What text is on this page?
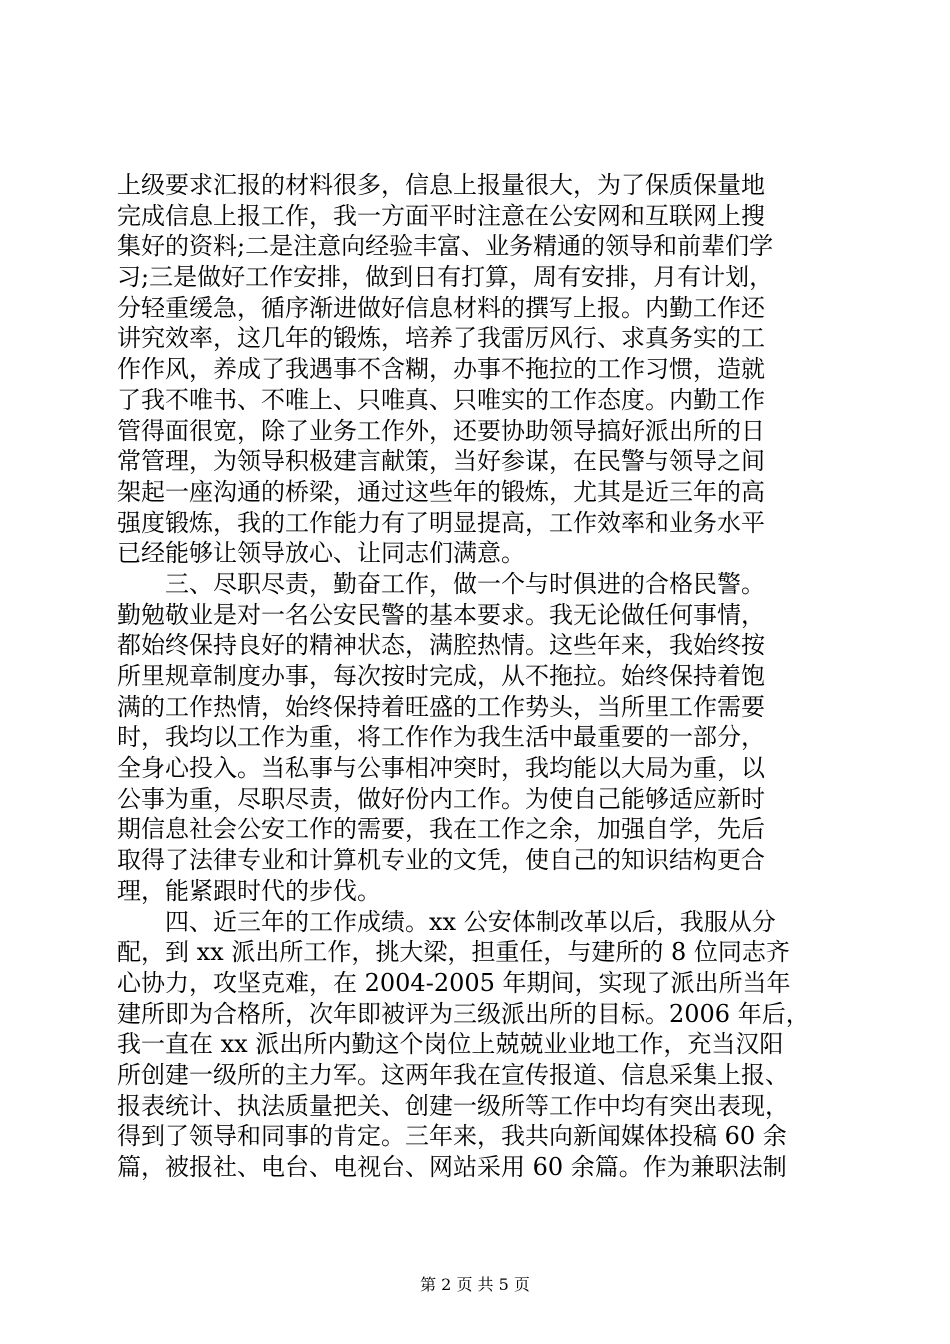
上级要求汇报的材料很多，信息上报量很大，为了保质保量地
完成信息上报工作，我一方面平时注意在公安网和互联网上搜
集好的资料;二是注意向经验丰富、业务精通的领导和前辈们学
习;三是做好工作安排，做到日有打算，周有安排，月有计划，
分轻重缓急，循序渐进做好信息材料的撰写上报。内勤工作还
讲究效率，这几年的锻炼，培养了我雷厉风行、求真务实的工
作作风，养成了我遇事不含糊，办事不拖拉的工作习惯，造就
了我不唯书、不唯上、只唯真、只唯实的工作态度。内勤工作
管得面很宽，除了业务工作外，还要协助领导搞好派出所的日
常管理，为领导积极建言献策，当好参谋，在民警与领导之间
架起一座沟通的桥梁，通过这些年的锻炼，尤其是近三年的高
强度锻炼，我的工作能力有了明显提高，工作效率和业务水平
已经能够让领导放心、让同志们满意。
　　三、尽职尽责，勤奋工作，做一个与时俱进的合格民警。
勤勉敬业是对一名公安民警的基本要求。我无论做任何事情，
都始终保持良好的精神状态，满腔热情。这些年来，我始终按
所里规章制度办事，每次按时完成，从不拖拉。始终保持着饱
满的工作热情，始终保持着旺盛的工作势头，当所里工作需要
时，我均以工作为重，将工作作为我生活中最重要的一部分，
全身心投入。当私事与公事相冲突时，我均能以大局为重，以
公事为重，尽职尽责，做好份内工作。为使自己能够适应新时
期信息社会公安工作的需要，我在工作之余，加强自学，先后
取得了法律专业和计算机专业的文凭，使自己的知识结构更合
理，能紧跟时代的步伐。
　　四、近三年的工作成绩。xx 公安体制改革以后，我服从分
配，到 xx 派出所工作，挑大梁，担重任，与建所的 8 位同志齐
心协力，攻坚克难，在 2004-2005 年期间，实现了派出所当年
建所即为合格所，次年即被评为三级派出所的目标。2006 年后，
我一直在 xx 派出所内勤这个岗位上兢兢业业地工作，充当汉阳
所创建一级所的主力军。这两年我在宣传报道、信息采集上报、
报表统计、执法质量把关、创建一级所等工作中均有突出表现，
得到了领导和同事的肯定。三年来，我共向新闻媒体投稿 60 余
篇，被报社、电台、电视台、网站采用 60 余篇。作为兼职法制
第 2 页 共 5 页
